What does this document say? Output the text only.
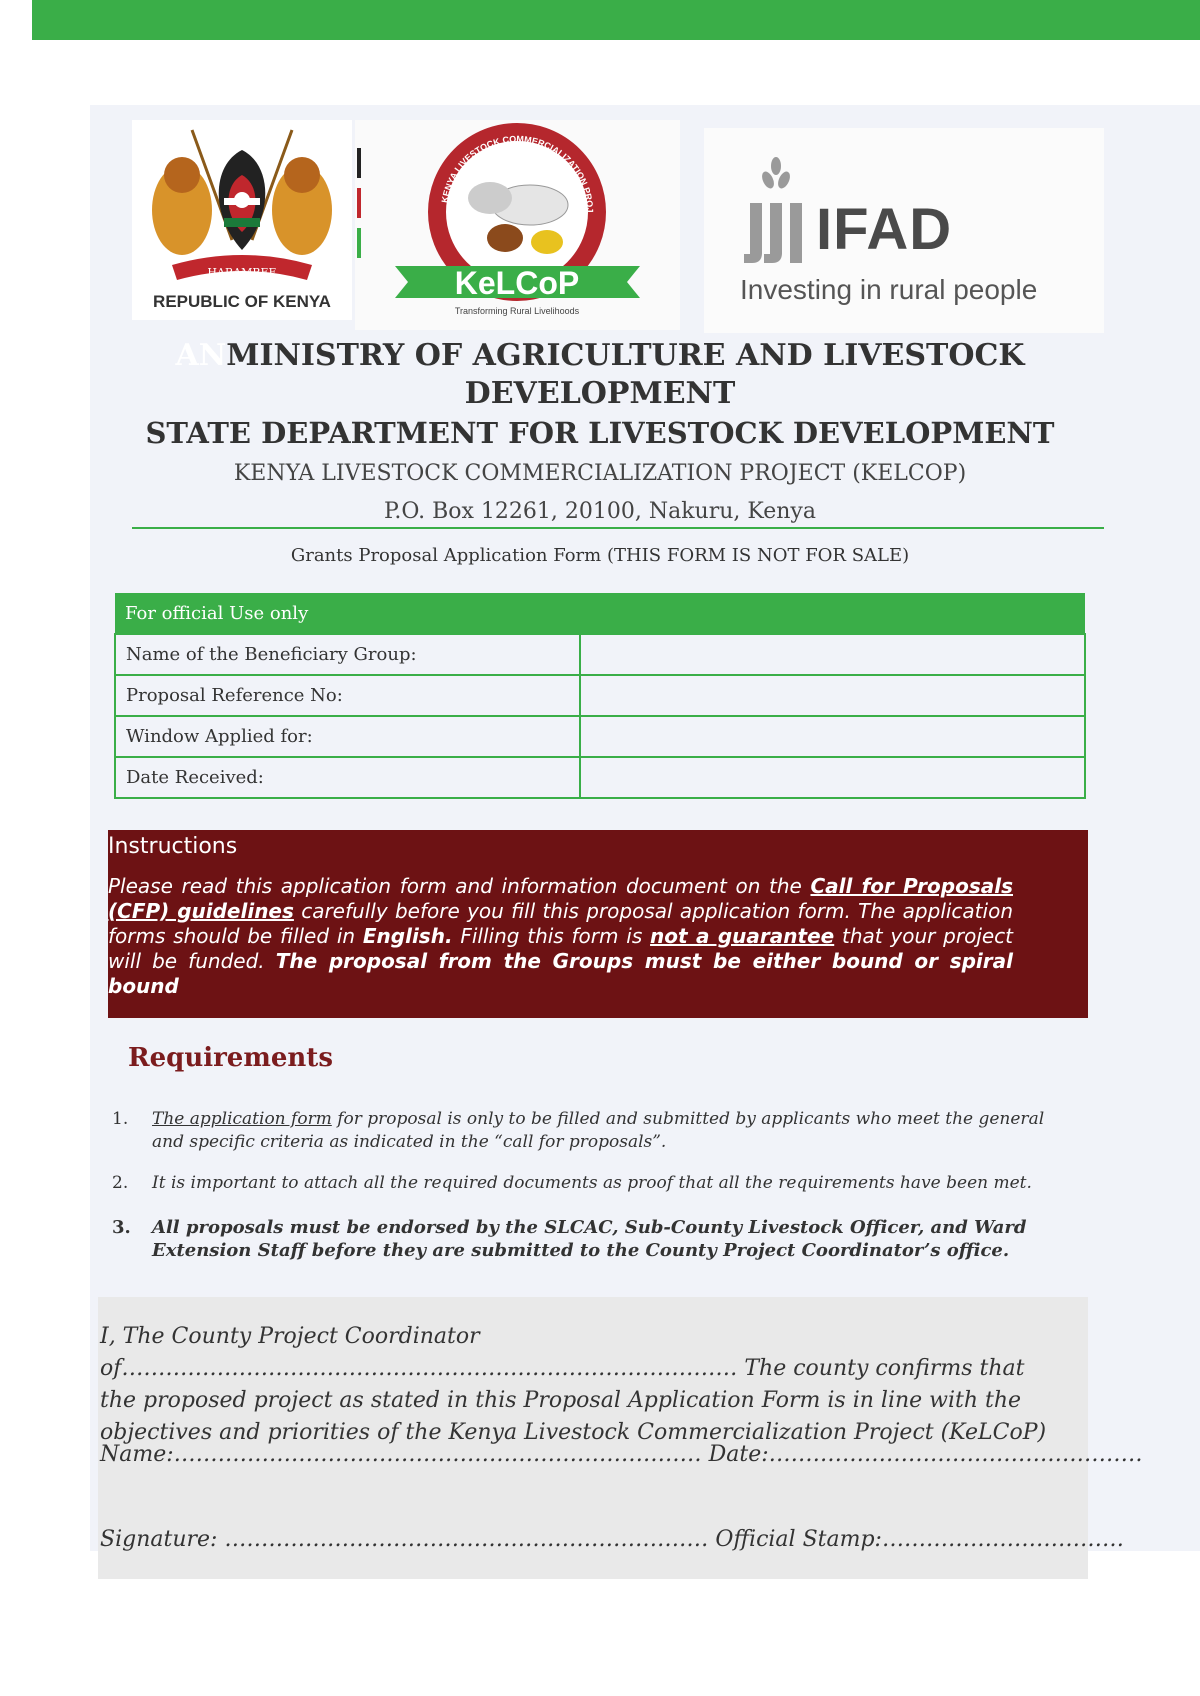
HARAMBEE
REPUBLIC OF KENYA
KENYA LIVESTOCK COMMERCIALIZATION PROJ
KeLCoP
Transforming Rural Livelihoods
IFAD
Investing in rural people
ANMINISTRY OF AGRICULTURE AND LIVESTOCK DEVELOPMENT
STATE DEPARTMENT FOR LIVESTOCK DEVELOPMENT
KENYA LIVESTOCK COMMERCIALIZATION PROJECT (KELCOP)
P.O. Box 12261, 20100, Nakuru, Kenya
Grants Proposal Application Form (THIS FORM IS NOT FOR SALE)
For official Use only	
Name of the Beneficiary Group:	
Proposal Reference No:	
Window Applied for:	
Date Received:	
Instructions
Please read this application form and information document on the Call for Proposals (CFP) guidelines carefully before you fill this proposal application form. The application forms should be filled in English. Filling this form is not a guarantee that your project will be funded. The proposal from the Groups must be either bound or spiral bound
Requirements
1.	The application form for proposal is only to be filled and submitted by applicants who meet the general and specific criteria as indicated in the “call for proposals”.
2.	It is important to attach all the required documents as proof that all the requirements have been met.
3.	All proposals must be endorsed by the SLCAC, Sub-County Livestock Officer, and Ward Extension Staff before they are submitted to the County Project Coordinator’s office.
I, The County Project Coordinator of………………………………………………………………………… The county confirms that the proposed project as stated in this Proposal Application Form is in line with the objectives and priorities of the Kenya Livestock Commercialization Project (KeLCoP)
Name:……………………………………………………………… Date:……………………………………………
Signature: ………………………………………………………… Official Stamp:……………………………
